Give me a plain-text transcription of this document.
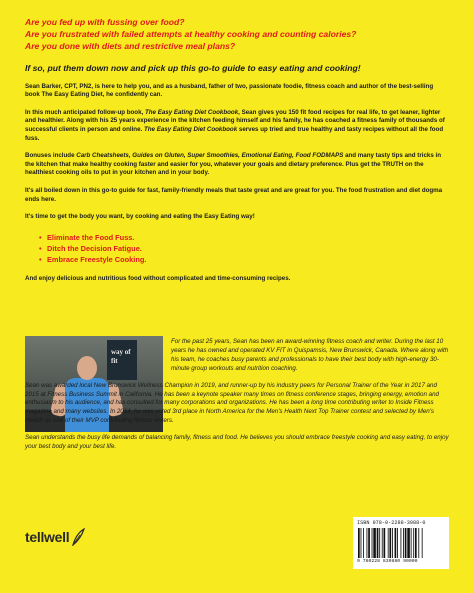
Are you fed up with fussing over food?

Are you frustrated with failed attempts at healthy cooking and counting calories?

Are you done with diets and restrictive meal plans?

If so, put them down now and pick up this go-to guide to easy eating and cooking!

Sean Barker, CPT, PN2, is here to help you, and as a husband, father of two, passionate foodie, fitness coach and author of the best-selling book The Easy Eating Diet, he confidently can.

In this much anticipated follow-up book, The Easy Eating Diet Cookbook, Sean gives you 150 fit food recipes for real life, to get leaner, lighter and healthier. Along with his 25 years experience in the kitchen feeding himself and his family, he has coached a fitness family of thousands of successful clients in person and online. The Easy Eating Diet Cookbook serves up tried and true healthy and tasty recipes without all the food fuss.

Bonuses include Carb Cheatsheets, Guides on Gluten, Super Smoothies, Emotional Eating, Food FODMAPS and many tasty tips and tricks in the kitchen that make healthy cooking faster and easier for you, whatever your goals and dietary preference. Plus get the TRUTH on the healthiest cooking oils to put in your kitchen and in your body.

It's all boiled down in this go-to guide for fast, family-friendly meals that taste great and are great for you. The food frustration and diet dogma ends here.

It's time to get the body you want, by cooking and eating the Easy Eating way!

• Eliminate the Food Fuss.
• Ditch the Decision Fatigue.
• Embrace Freestyle Cooking.

And enjoy delicious and nutritious food without complicated and time-consuming recipes.

way of fit

For the past 25 years, Sean has been an award-winning fitness coach and writer. During the last 10 years he has owned and operated KV FIT in Quispamsis, New Brunswick, Canada. Where along with his team, he coaches busy parents and professionals to have their best body with high-energy 30-minute group workouts and nutrition coaching.

Sean was awarded local New Brunswick Wellness Champion in 2019, and runner-up by his industry peers for Personal Trainer of the Year in 2017 and 2015 at Fitness Business Summit in California. He has been a keynote speaker many times on fitness conference stages, bringing energy, emotion and enthusiasm to his audience, and has consulted for many corporations and organizations. He has been a long time contributing writer to Inside Fitness magazine and many websites. In 2014, he was voted 3rd place in North America for the Men's Health Next Top Trainer contest and selected by Men's Health as one of their MVP contributing fitness writers.

Sean understands the busy life demands of balancing family, fitness and food. He believes you should embrace freestyle cooking and easy eating, to enjoy your best body and your best life.

tellwell
ISBN 978-0-2288-3988-0
9 780228 839880 90000
